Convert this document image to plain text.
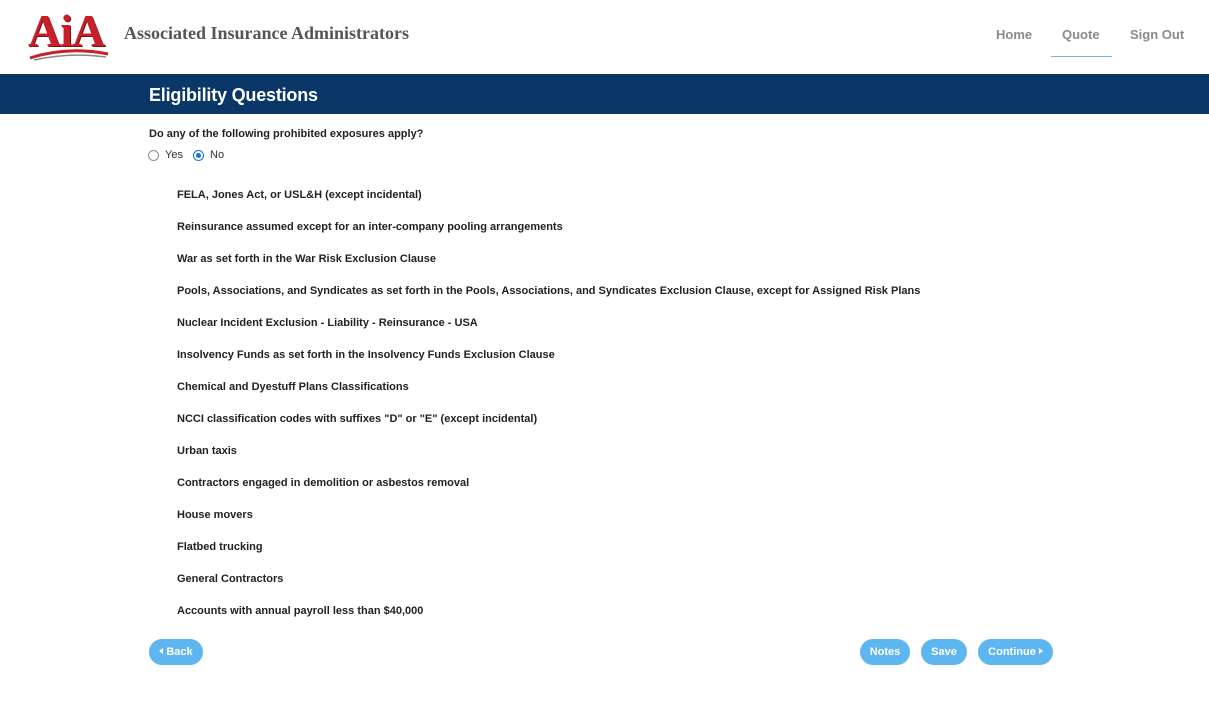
AiA Associated Insurance Administrators	Home Quote Sign Out
Eligibility Questions
Do any of the following prohibited exposures apply?
Yes No
FELA, Jones Act, or USL&H (except incidental)
Reinsurance assumed except for an inter-company pooling arrangements
War as set forth in the War Risk Exclusion Clause
Pools, Associations, and Syndicates as set forth in the Pools, Associations, and Syndicates Exclusion Clause, except for Assigned Risk Plans
Nuclear Incident Exclusion - Liability - Reinsurance - USA
Insolvency Funds as set forth in the Insolvency Funds Exclusion Clause
Chemical and Dyestuff Plans Classifications
NCCI classification codes with suffixes "D" or "E" (except incidental)
Urban taxis
Contractors engaged in demolition or asbestos removal
House movers
Flatbed trucking
General Contractors
Accounts with annual payroll less than $40,000
Back	Notes	Save	Continue
